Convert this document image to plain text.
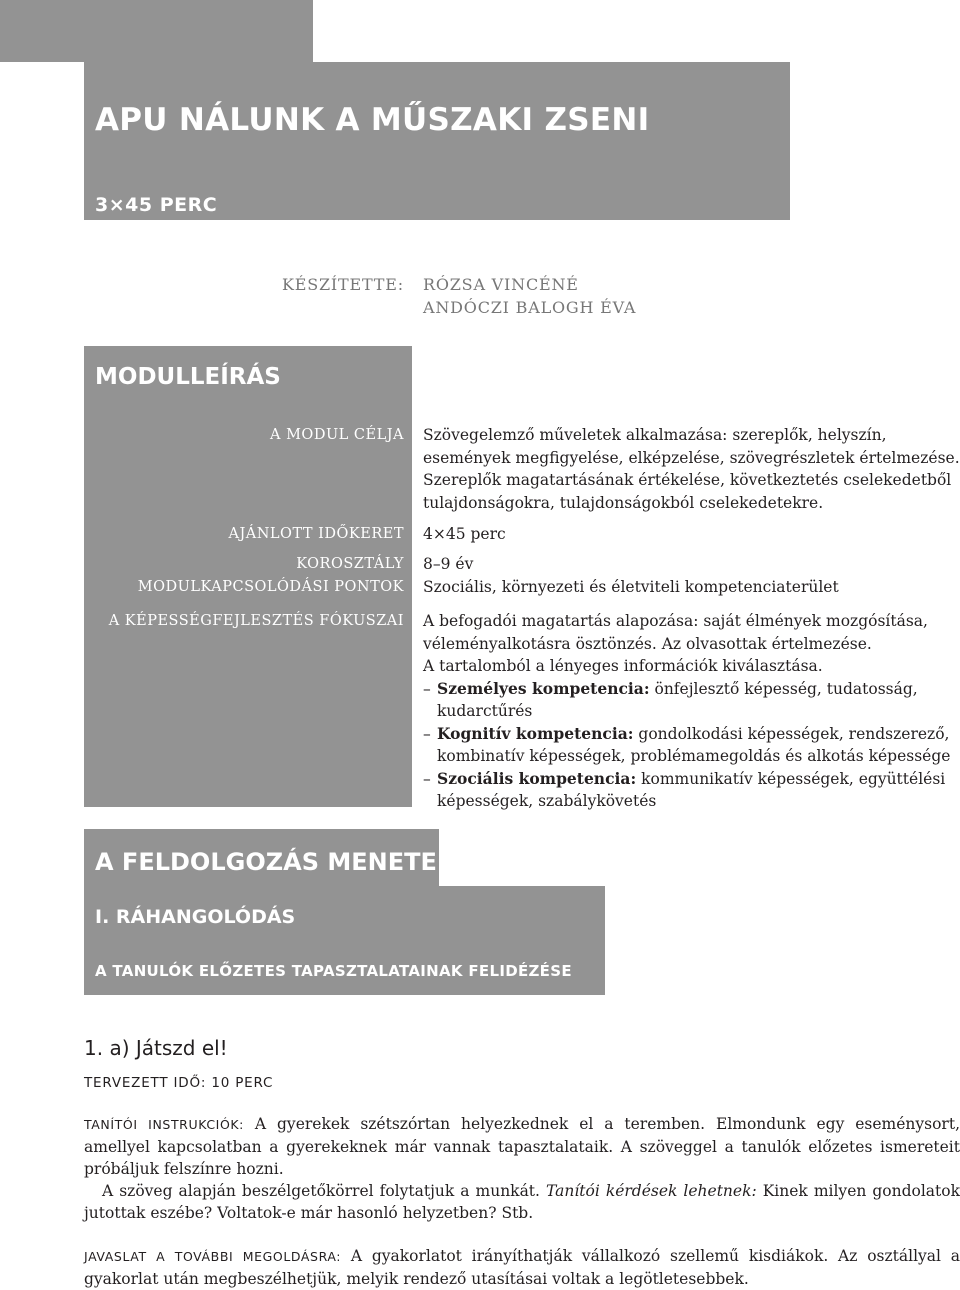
APU NÁLUNK A MŰSZAKI ZSENI
3×45 PERC
KÉSZÍTETTE: RÓZSA VINCÉNÉ
ANDÓCZI BALOGH ÉVA
MODULLEÍRÁS
A MODUL CÉLJA Szövegelemző műveletek alkalmazása: szereplők, helyszín,
események megfigyelése, elképzelése, szövegrészletek értelmezése.
Szereplők magatartásának értékelése, következtetés cselekedetből
tulajdonságokra, tulajdonságokból cselekedetekre.
AJÁNLOTT IDŐKERET 4×45 perc
KOROSZTÁLY 8–9 év
MODULKAPCSOLÓDÁSI PONTOK Szociális, környezeti és életviteli kompetenciaterület
A KÉPESSÉGFEJLESZTÉS FÓKUSZAI A befogadói magatartás alapozása: saját élmények mozgósítása,
véleményalkotásra ösztönzés. Az olvasottak értelmezése.
A tartalomból a lényeges információk kiválasztása.
– Személyes kompetencia: önfejlesztő képesség, tudatosság,
kudarctűrés
– Kognitív kompetencia: gondolkodási képességek, rendszerező,
kombinatív képességek, problémamegoldás és alkotás képessége
– Szociális kompetencia: kommunikatív képességek, együttélési
képességek, szabálykövetés
A FELDOLGOZÁS MENETE
I. RÁHANGOLÓDÁS
A TANULÓK ELŐZETES TAPASZTALATAINAK FELIDÉZÉSE
1. a) Játszd el!
TERVEZETT IDŐ: 10 PERC
TANÍTÓI INSTRUKCIÓK: A gyerekek szétszórtan helyezkednek el a teremben. Elmondunk egy eseménysort, amellyel kapcsolatban a gyerekeknek már vannak tapasztalataik. A szöveggel a tanulók előzetes ismereteit próbáljuk felszínre hozni.
A szöveg alapján beszélgetőkörrel folytatjuk a munkát. Tanítói kérdések lehetnek: Kinek milyen gondolatok jutottak eszébe? Voltatok-e már hasonló helyzetben? Stb.
JAVASLAT A TOVÁBBI MEGOLDÁSRA: A gyakorlatot irányíthatják vállalkozó szellemű kisdiákok. Az osztállyal a gyakorlat után megbeszélhetjük, melyik rendező utasításai voltak a legötletesebbek.
